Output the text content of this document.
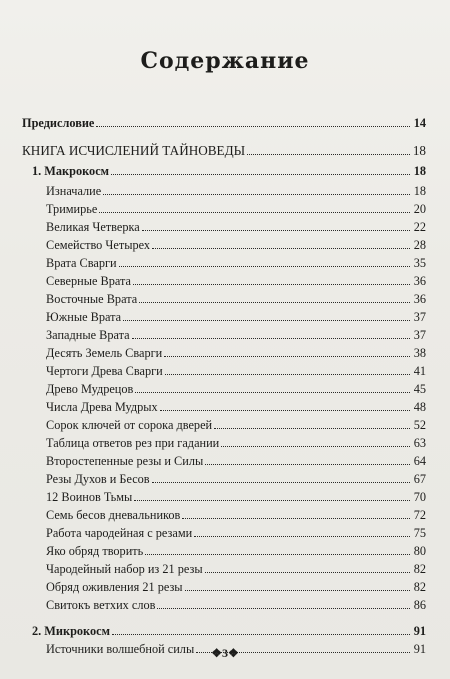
Содержание
Предисловие	14
КНИГА ИСЧИСЛЕНИЙ ТАЙНОВЕДЫ	18
1. Макрокосм	18
Изначалие	18
Тримирье	20
Великая Четверка	22
Семейство Четырех	28
Врата Сварги	35
Северные Врата	36
Восточные Врата	36
Южные Врата	37
Западные Врата	37
Десять Земель Сварги	38
Чертоги Древа Сварги	41
Древо Мудрецов	45
Числа Древа Мудрых	48
Сорок ключей от сорока дверей	52
Таблица ответов рез при гадании	63
Второстепенные резы и Силы	64
Резы Духов и Бесов	67
12 Воинов Тьмы	70
Семь бесов дневальников	72
Работа чародейная с резами	75
Яко обряд творить	80
Чародейный набор из 21 резы	82
Обряд оживления 21 резы	82
Свитокъ ветхих слов	86
2. Микрокосм	91
Источники волшебной силы	91
❖3❖
